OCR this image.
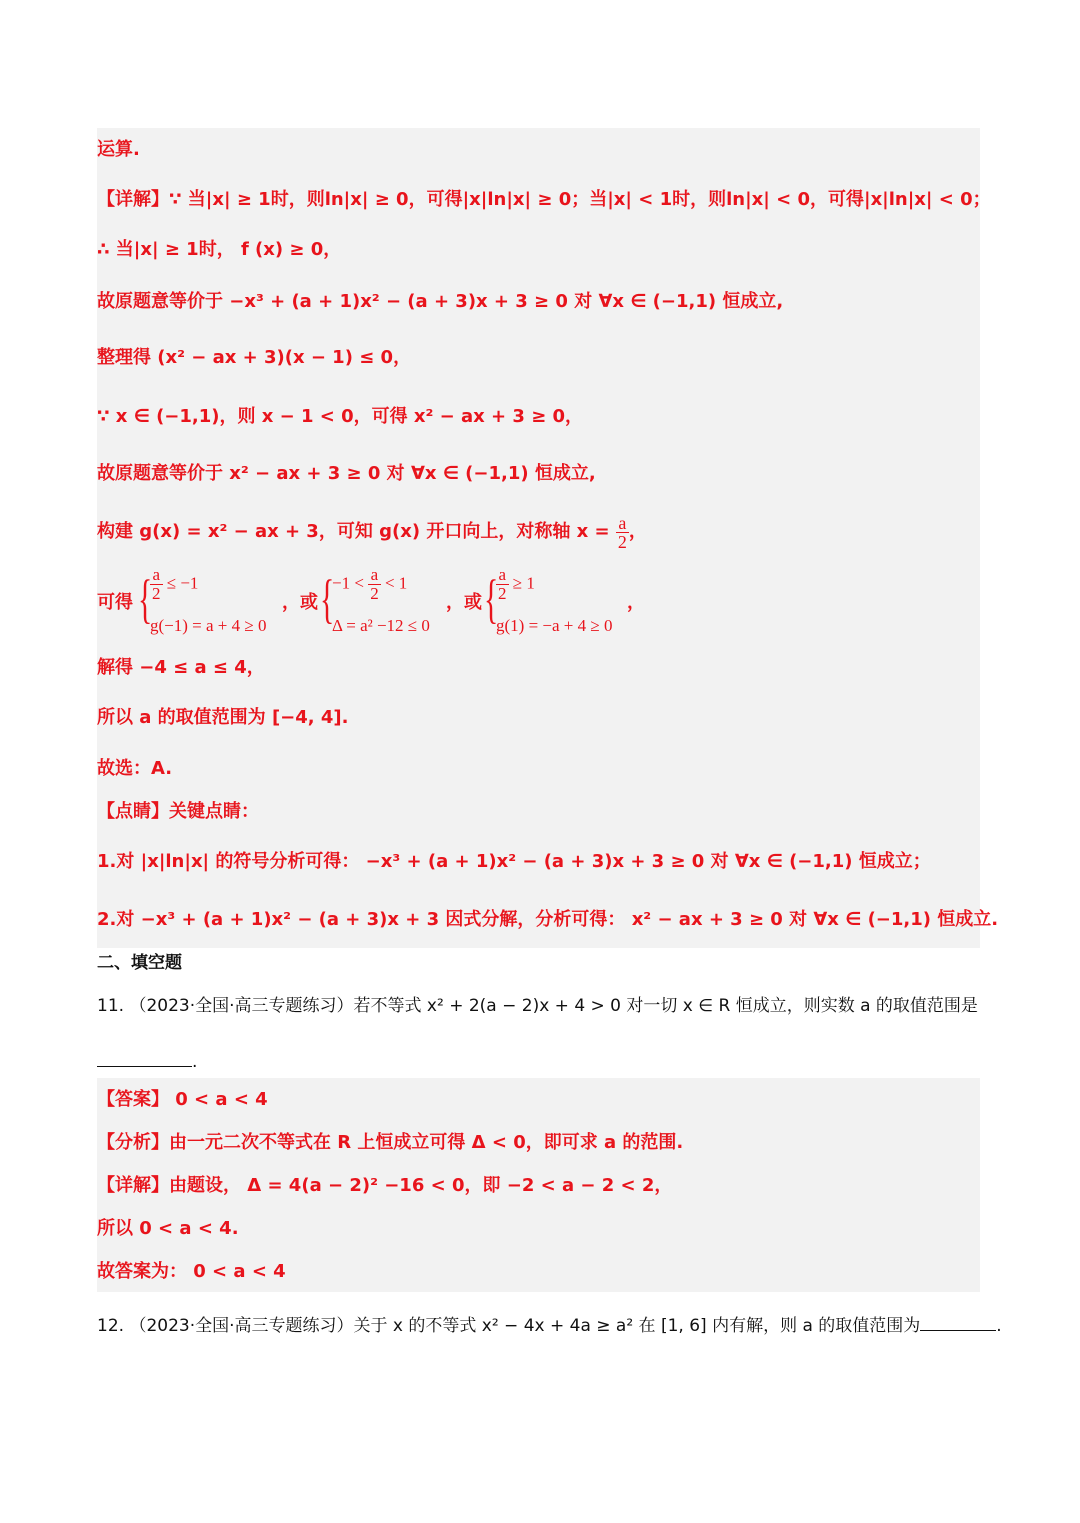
运算.
【详解】∵ 当|x| ≥ 1时，则ln|x| ≥ 0，可得|x|ln|x| ≥ 0；当|x| < 1时，则ln|x| < 0，可得|x|ln|x| < 0；
∴ 当|x| ≥ 1时， f (x) ≥ 0，
故原题意等价于 −x³ + (a + 1)x² − (a + 3)x + 3 ≥ 0 对 ∀x ∈ (−1,1) 恒成立,
整理得 (x² − ax + 3)(x − 1) ≤ 0，
∵ x ∈ (−1,1)，则 x − 1 < 0，可得 x² − ax + 3 ≥ 0，
故原题意等价于 x² − ax + 3 ≥ 0 对 ∀x ∈ (−1,1) 恒成立,
构建 g(x) = x² − ax + 3，可知 g(x) 开口向上，对称轴 $x = \frac{a}{2}$ ，
可得 {
$\frac{a}{2} \le -1$
g(−1) = a + 4 ≥ 0
，或 {
$-1 < \frac{a}{2} < 1$
Δ = a² −12 ≤ 0
，或 {
$\frac{a}{2} \ge 1$
g(1) = −a + 4 ≥ 0
，
解得 −4 ≤ a ≤ 4，
所以 a 的取值范围为 [−4, 4].
故选：A.
【点睛】关键点睛：
1.对 |x|ln|x| 的符号分析可得： −x³ + (a + 1)x² − (a + 3)x + 3 ≥ 0 对 ∀x ∈ (−1,1) 恒成立；
2.对 −x³ + (a + 1)x² − (a + 3)x + 3 因式分解，分析可得： x² − ax + 3 ≥ 0 对 ∀x ∈ (−1,1) 恒成立.
二、填空题
11. （2023·全国·高三专题练习）若不等式 x² + 2(a − 2)x + 4 > 0 对一切 x ∈ R 恒成立，则实数 a 的取值范围是
.
【答案】 0 < a < 4
【分析】由一元二次不等式在 R 上恒成立可得 Δ < 0，即可求 a 的范围.
【详解】由题设， Δ = 4(a − 2)² −16 < 0，即 −2 < a − 2 < 2，
所以 0 < a < 4.
故答案为： 0 < a < 4
12. （2023·全国·高三专题练习）关于 x 的不等式 x² − 4x + 4a ≥ a² 在 [1, 6] 内有解，则 a 的取值范围为	.
